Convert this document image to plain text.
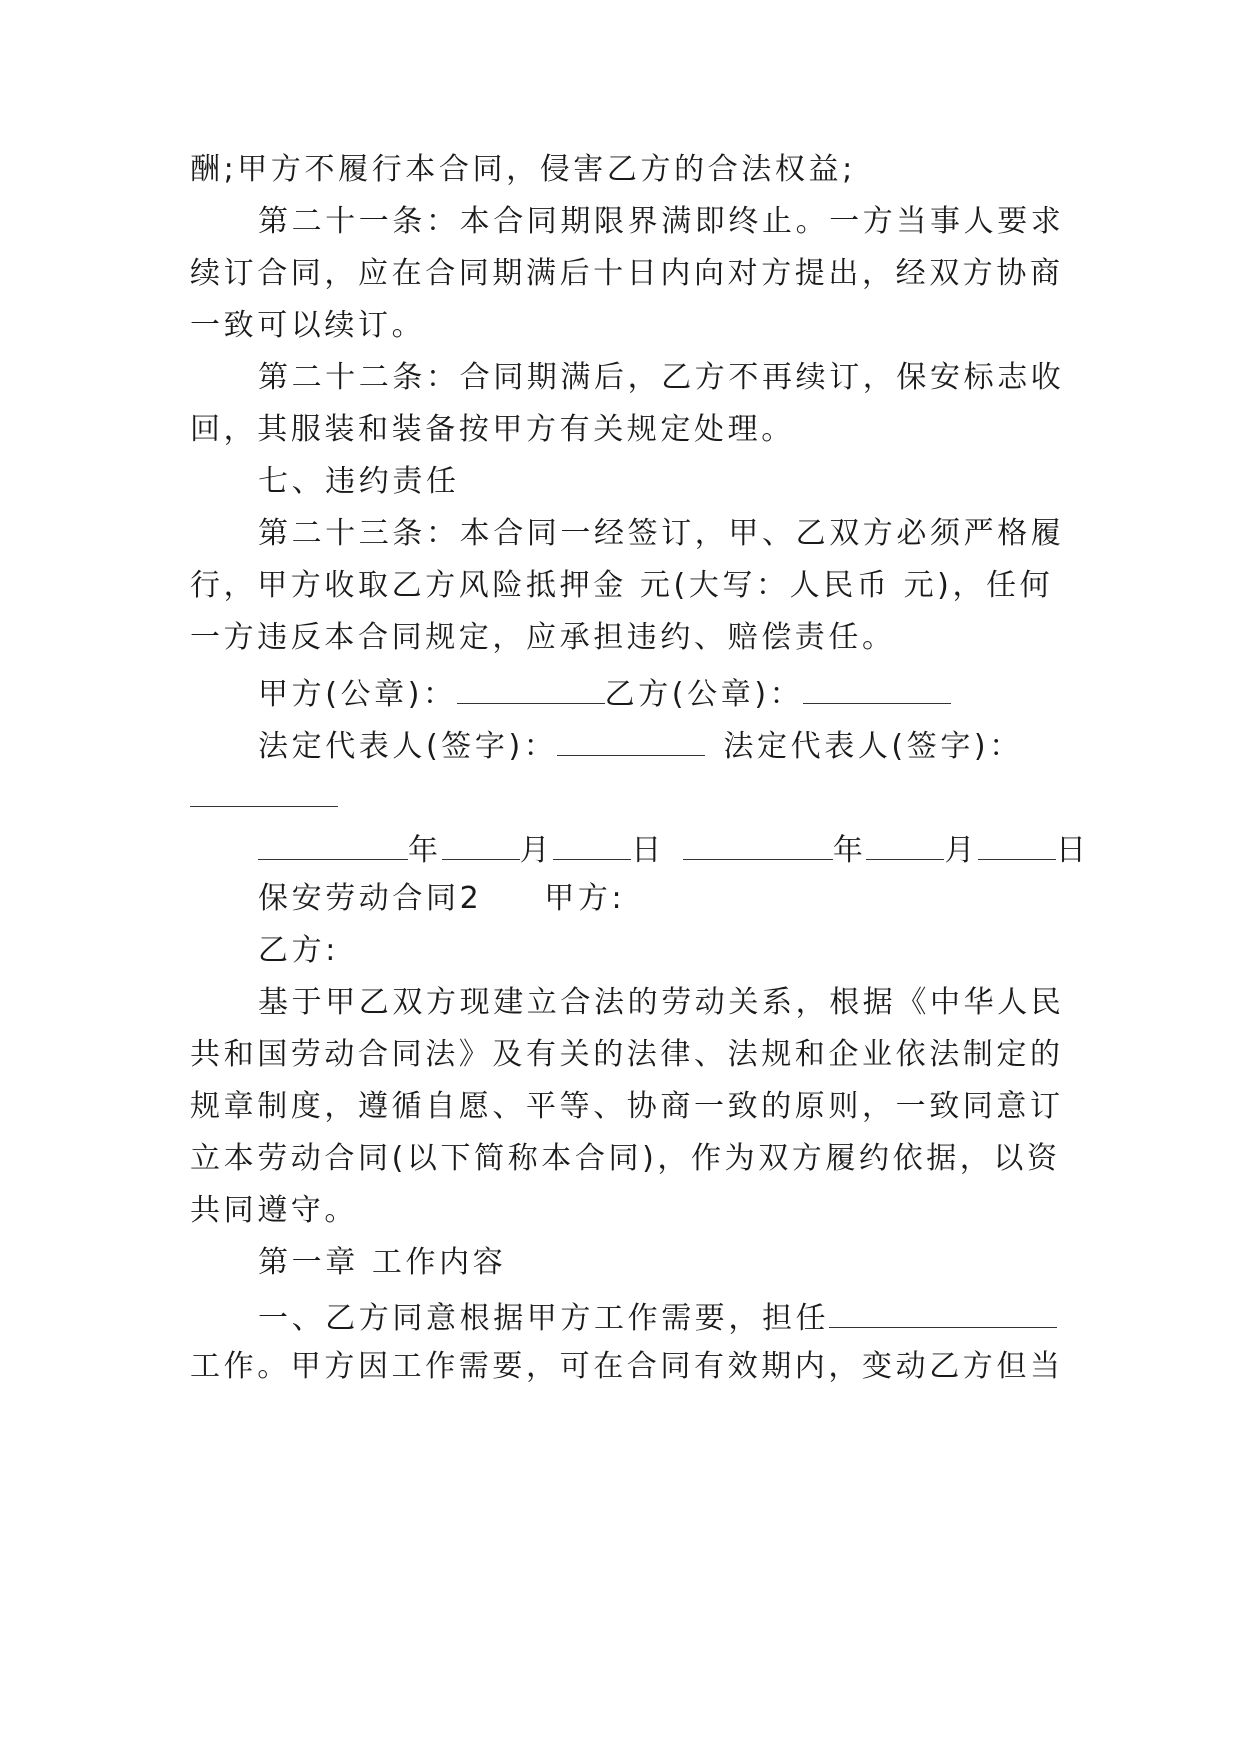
酬;甲方不履行本合同，侵害乙方的合法权益;
第二十一条：本合同期限界满即终止。一方当事人要求
续订合同，应在合同期满后十日内向对方提出，经双方协商
一致可以续订。
第二十二条：合同期满后，乙方不再续订，保安标志收
回，其服装和装备按甲方有关规定处理。
七、违约责任
第二十三条：本合同一经签订，甲、乙双方必须严格履
行，甲方收取乙方风险抵押金 元(大写：人民币 元)，任何
一方违反本合同规定，应承担违约、赔偿责任。
甲方(公章)：	乙方(公章)：
法定代表人(签字)：	法定代表人(签字)：
年	月	日	年	月	日
保安劳动合同2 甲方:
乙方:
基于甲乙双方现建立合法的劳动关系，根据《中华人民
共和国劳动合同法》及有关的法律、法规和企业依法制定的
规章制度，遵循自愿、平等、协商一致的原则，一致同意订
立本劳动合同(以下简称本合同)，作为双方履约依据，以资
共同遵守。
第一章 工作内容
一、乙方同意根据甲方工作需要，担任
工作。甲方因工作需要，可在合同有效期内，变动乙方但当
